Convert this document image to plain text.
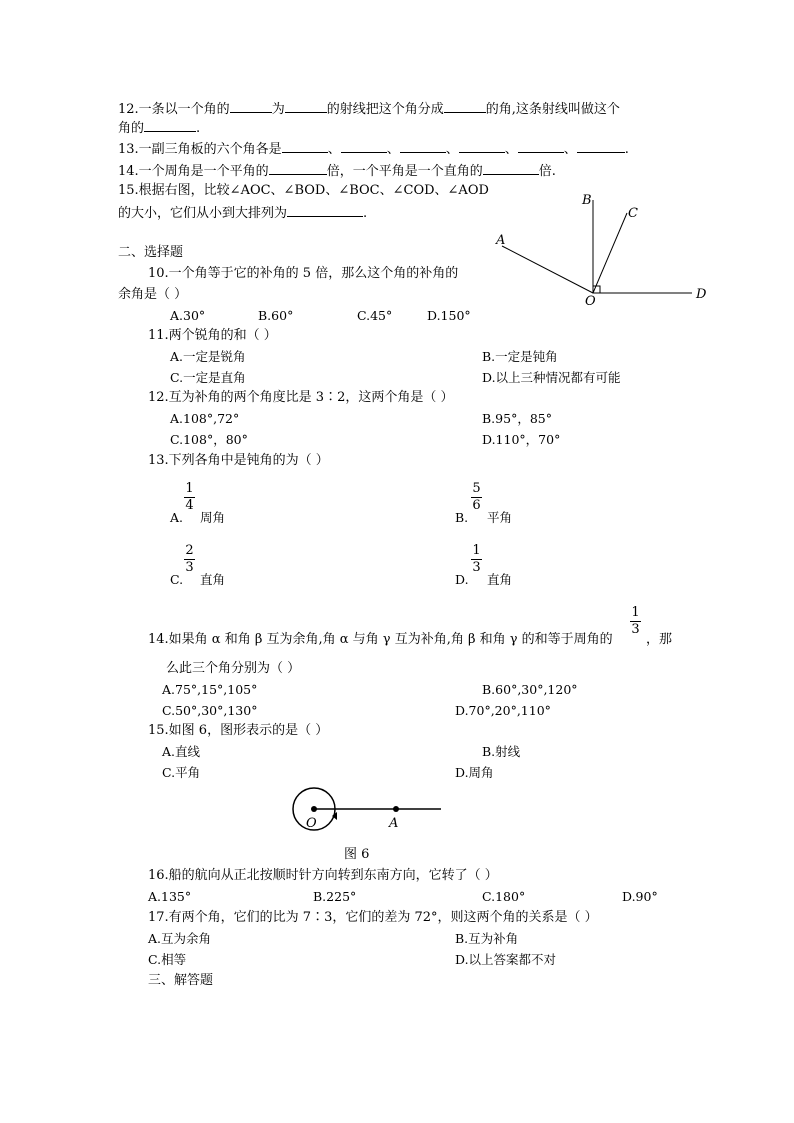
12.一条以一个角的	为	的射线把这个角分成	的角,这条射线叫做这个
角的	.
13.一副三角板的六个角各是	、	、	、	、	、	.
14.一个周角是一个平角的	倍，一个平角是一个直角的	倍.
15.根据右图，比较∠AOC、∠BOD、∠BOC、∠COD、∠AOD
的大小，它们从小到大排列为	.
A
B
C
O	D
二、选择题
10.一个角等于它的补角的 5 倍，那么这个角的补角的
余角是（ ）
A.30°	B.60°	C.45°	D.150°
11.两个锐角的和（ ）
A.一定是锐角	B.一定是钝角
C.一定是直角	D.以上三种情况都有可能
12.互为补角的两个角度比是 3∶2，这两个角是（ ）
A.108°,72°	B.95°，85°
C.108°，80°	D.110°，70°
13.下列各角中是钝角的为（ ）
A.
1
4
周角	B.
5
6
平角
C.
2
3
直角	D.
1
3
直角
14.如果角 α 和角 β 互为余角,角 α 与角 γ 互为补角,角 β 和角 γ 的和等于周角的
1
3
，那
么此三个角分别为（ ）
A.75°,15°,105°	B.60°,30°,120°
C.50°,30°,130°	D.70°,20°,110°
15.如图 6，图形表示的是（ ）
A.直线	B.射线
C.平角	D.周角
O	A
图 6
16.船的航向从正北按顺时针方向转到东南方向，它转了（ ）
A.135°	B.225°	C.180°	D.90°
17.有两个角，它们的比为 7∶3，它们的差为 72°，则这两个角的关系是（ ）
A.互为余角	B.互为补角
C.相等	D.以上答案都不对
三、解答题
